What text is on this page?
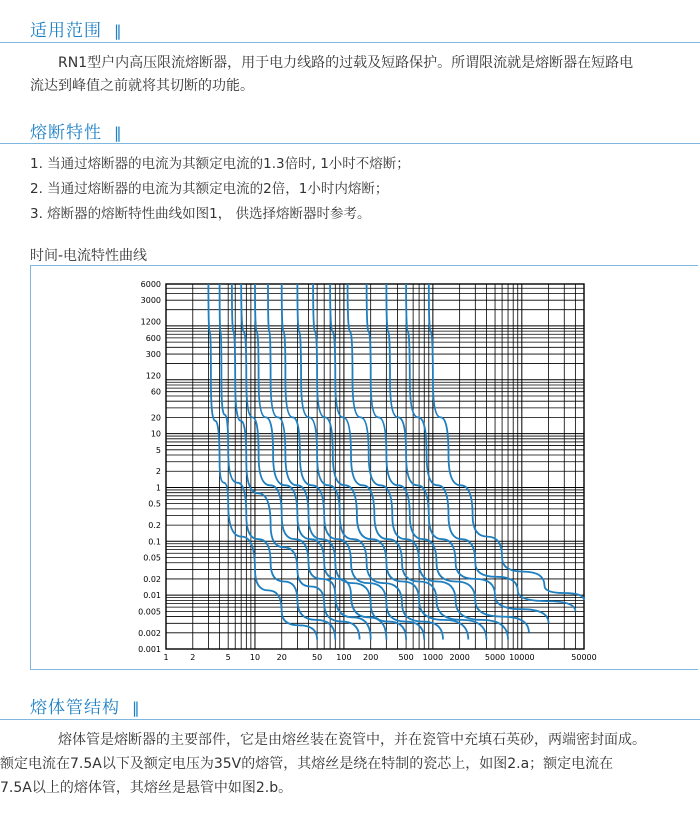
适用范围 ‖
RN1型户内高压限流熔断器，用于电力线路的过载及短路保护。所谓限流就是熔断器在短路电
流达到峰值之前就将其切断的功能。
熔断特性 ‖
1. 当通过熔断器的电流为其额定电流的1.3倍时, 1小时不熔断；
2. 当通过熔断器的电流为其额定电流的2倍，1小时内熔断；
3. 熔断器的熔断特性曲线如图1， 供选择熔断器时参考。
时间-电流特性曲线
6000
3000
1200
600
300
120
60
20
10
5
2
1
0.5
0.2
0.1
0.05
0.02
0.01
0.005
0.002
0.001
1	2	5 10 20	50 100 200	500 1000 2000 5000 10000	50000
熔体管结构 ‖
熔体管是熔断器的主要部件，它是由熔丝装在瓷管中，并在瓷管中充填石英砂，两端密封面成。
额定电流在7.5A以下及额定电压为35V的熔管，其熔丝是绕在特制的瓷芯上，如图2.a；额定电流在
7.5A以上的熔体管，其熔丝是悬管中如图2.b。
